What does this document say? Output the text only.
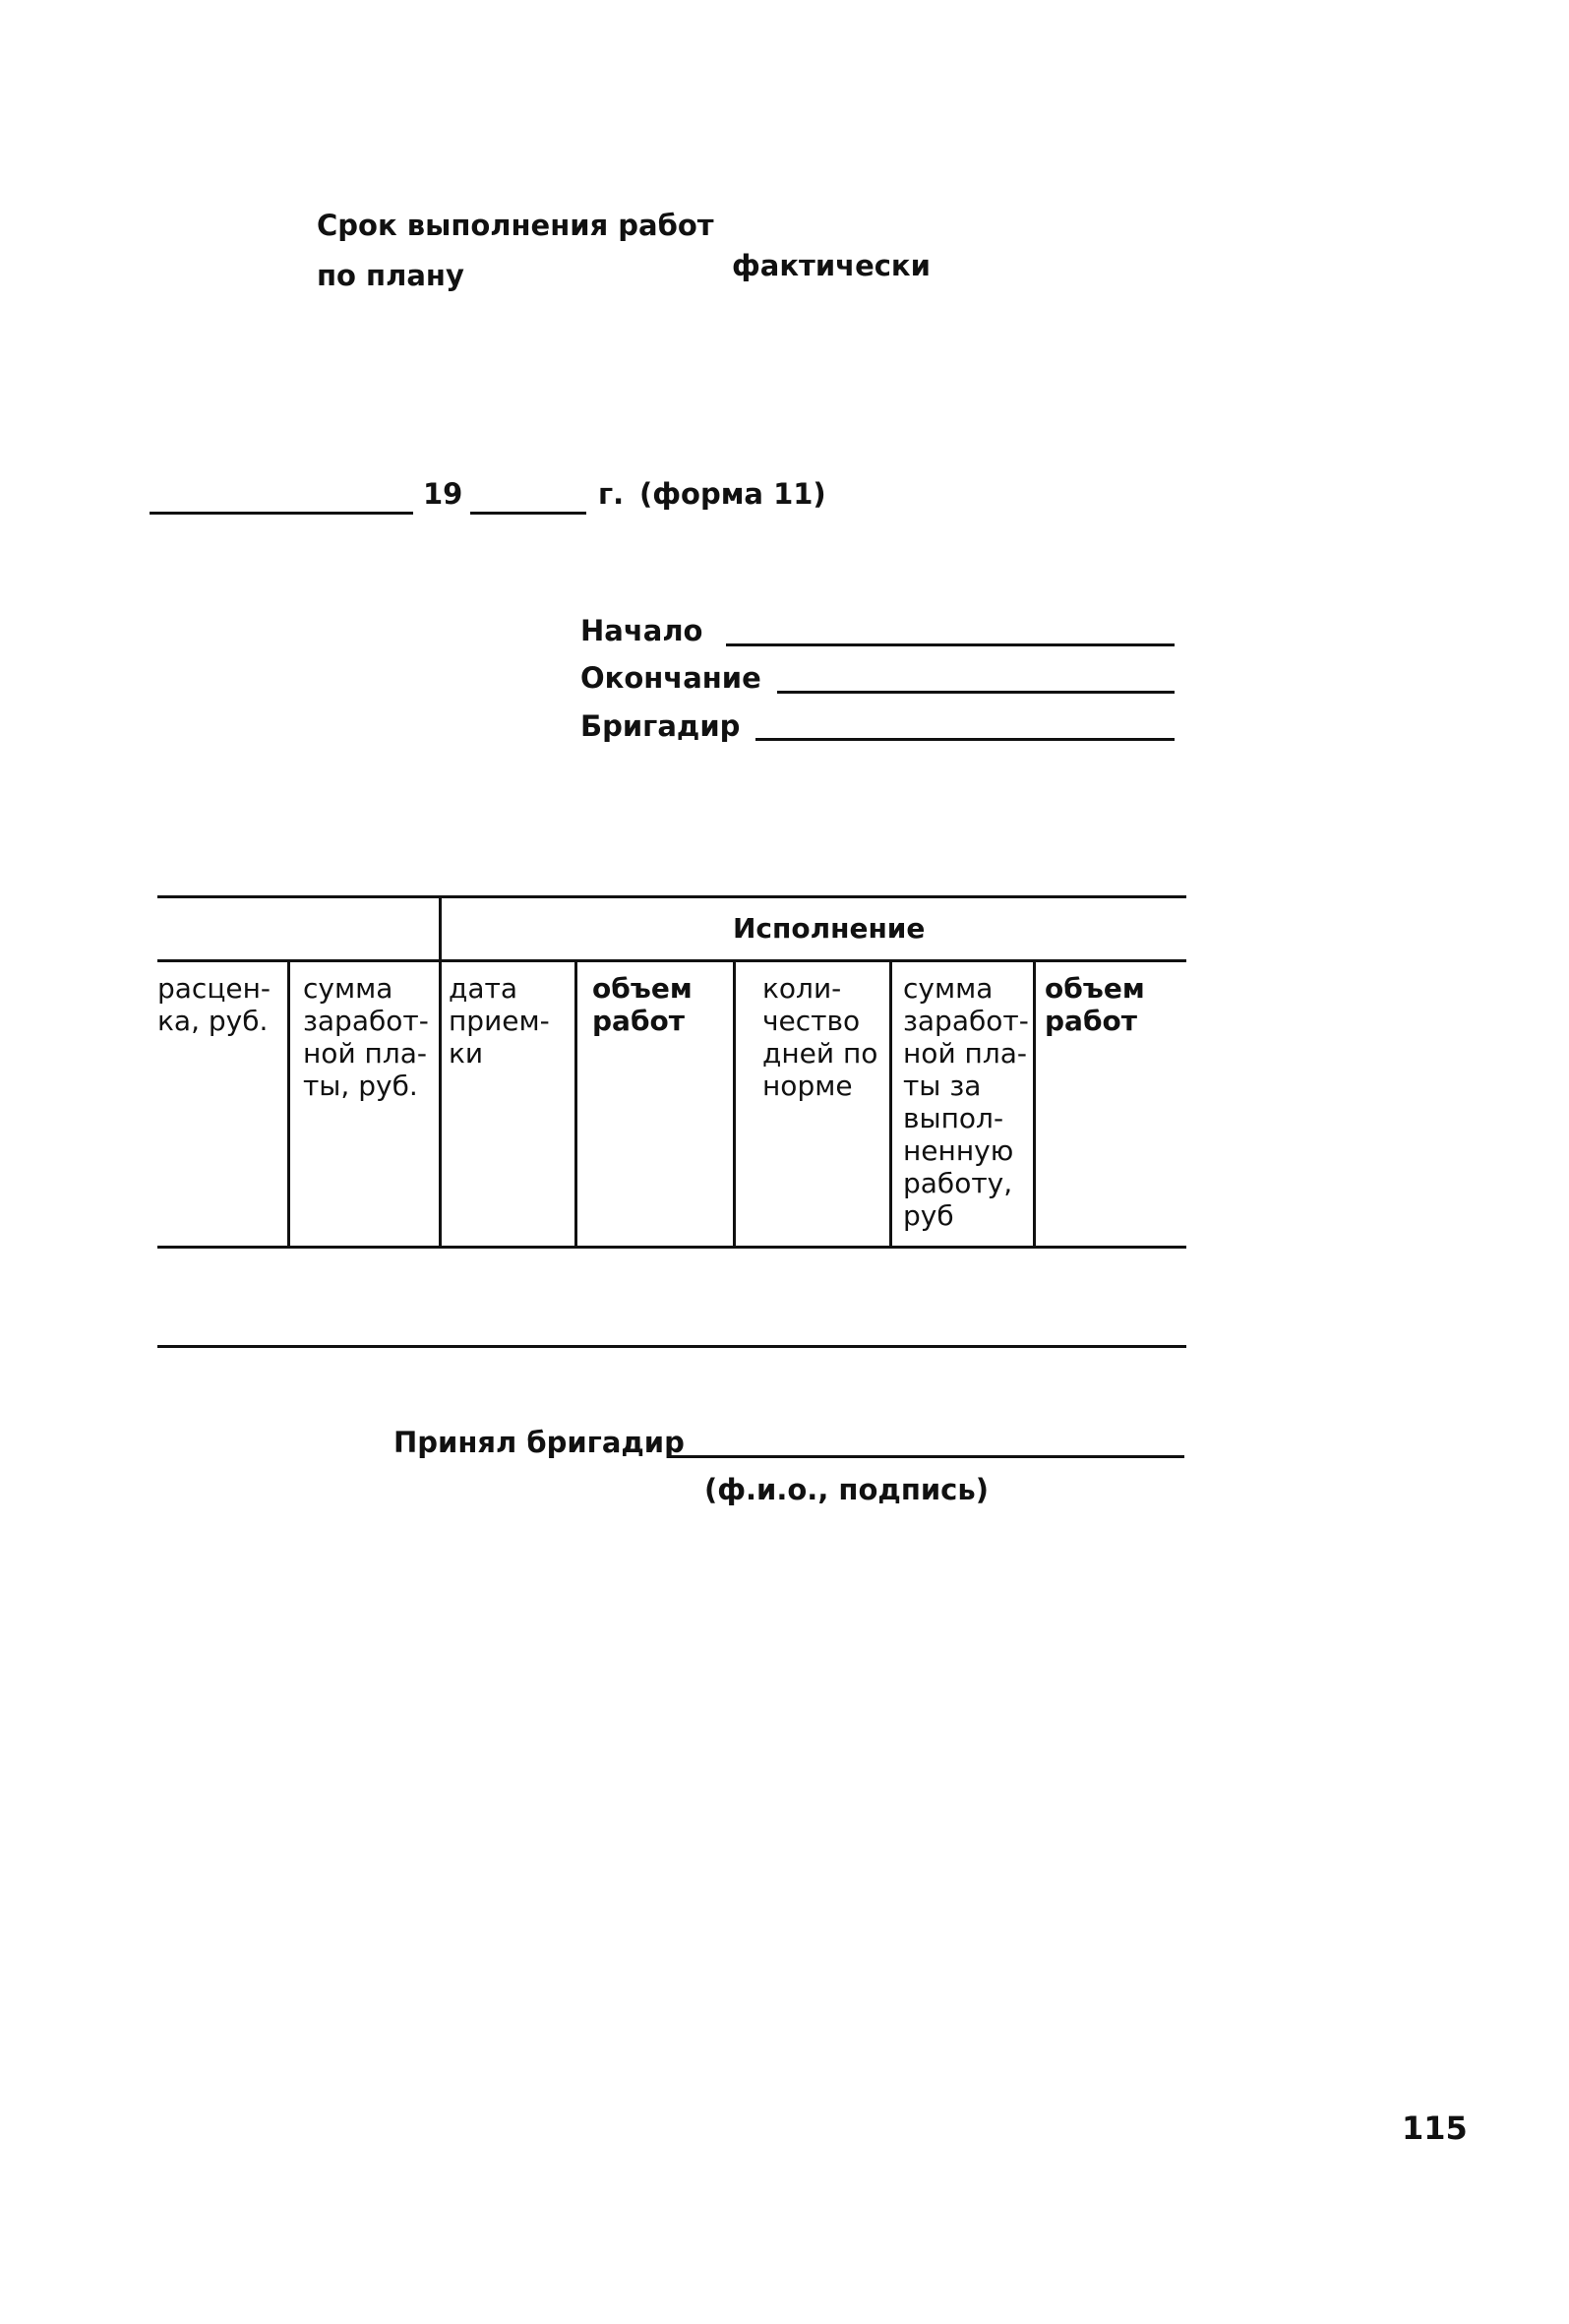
Срок выполнения работ
по плану	фактически
19	г. (форма 11)
Начало
Окончание
Бригадир
Исполнение
расцен-
ка, руб.
сумма
заработ-
ной пла-
ты, руб.
дата
прием-
ки
объем
работ
коли-
чество
дней по
норме
сумма
заработ-
ной пла-
ты за
выпол-
ненную
работу,
руб
объем
работ
Принял бригадир
(ф.и.о., подпись)
115
